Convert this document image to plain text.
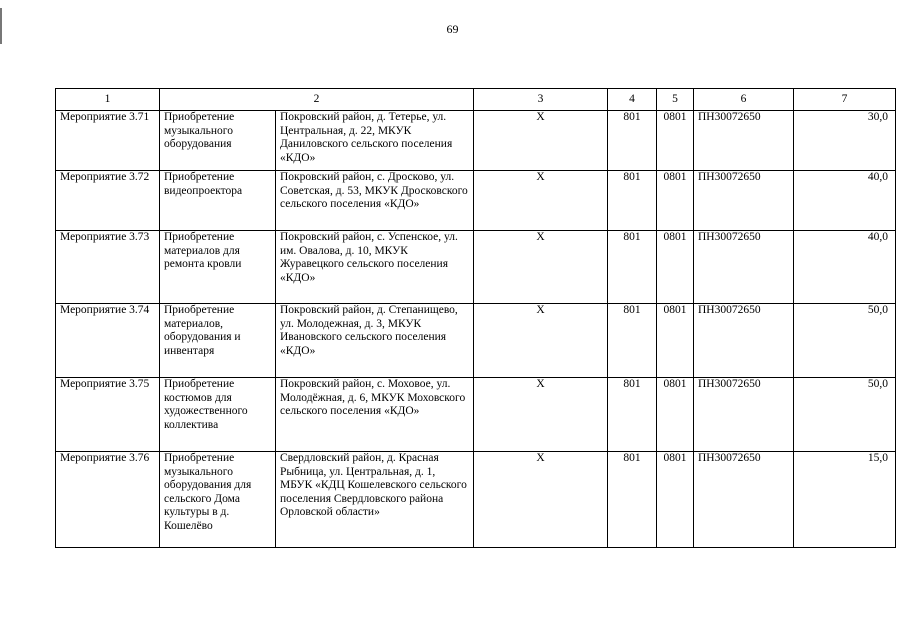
69
1	2		3	4	5	6	7
Мероприятие 3.71	Приобретение музыкального оборудования	Покровский район, д. Тетерье, ул. Центральная, д. 22, МКУК Даниловского сельского поселения «КДО»	X	801	0801	ПН30072650	30,0
Мероприятие 3.72	Приобретение видеопроектора	Покровский район, с. Дросково, ул. Советская, д. 53, МКУК Дросковского сельского поселения «КДО»	X	801	0801	ПН30072650	40,0
Мероприятие 3.73	Приобретение материалов для ремонта кровли	Покровский район, с. Успенское, ул. им. Овалова, д. 10, МКУК Журавецкого сельского поселения «КДО»	X	801	0801	ПН30072650	40,0
Мероприятие 3.74	Приобретение материалов, оборудования и инвентаря	Покровский район, д. Степанищево, ул. Молодежная, д. 3, МКУК Ивановского сельского поселения «КДО»	X	801	0801	ПН30072650	50,0
Мероприятие 3.75	Приобретение костюмов для художественного коллектива	Покровский район, с. Моховое, ул. Молодёжная, д. 6, МКУК Моховского сельского поселения «КДО»	X	801	0801	ПН30072650	50,0
Мероприятие 3.76	Приобретение музыкального оборудования для сельского Дома культуры в д. Кошелёво	Свердловский район, д. Красная Рыбница, ул. Центральная, д. 1, МБУК «КДЦ Кошелевского сельского поселения Свердловского района Орловской области»	X	801	0801	ПН30072650	15,0
